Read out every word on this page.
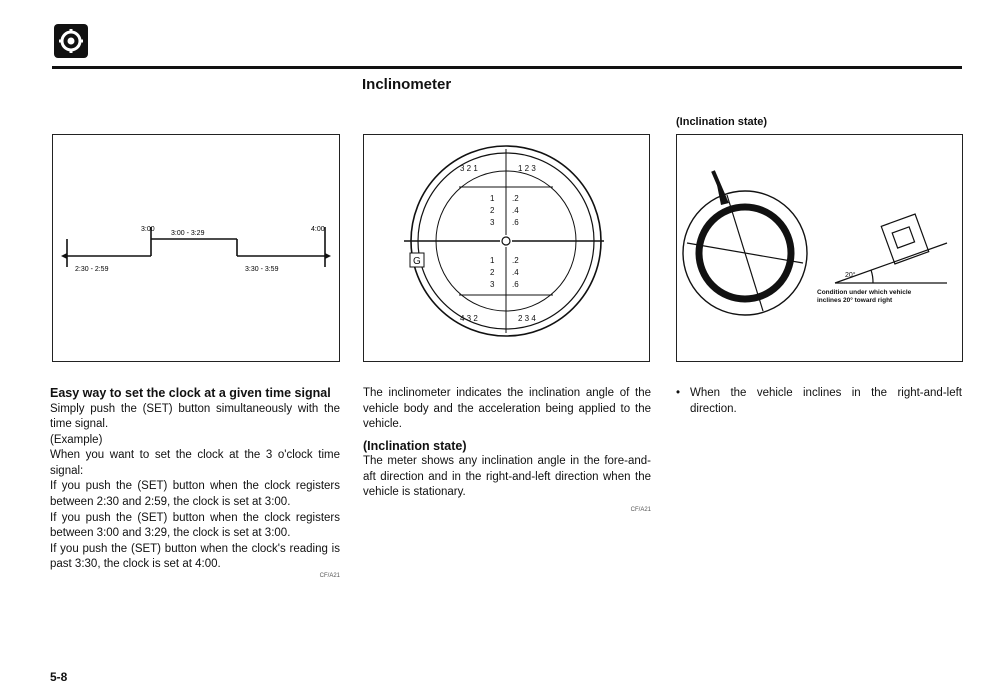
Inclinometer
3:00
3:00 - 3:29
4:00
2:30 - 2:59	3:30 - 3:59
3 2 1	1 2 3
4 3 2	2 3 4
1
2
3
.2
.4
.6
1
2
3
.2
.4
.6
G
(Inclination state)
20°
Condition under which vehicle inclines 20° toward right
Easy way to set the clock at a given time signal

Simply push the (SET) button simultaneously with the time signal.

(Example)

When you want to set the clock at the 3 o'clock time signal:

If you push the (SET) button when the clock registers between 2:30 and 2:59, the clock is set at 3:00.

If you push the (SET) button when the clock registers between 3:00 and 3:29, the clock is set at 3:00.

If you push the (SET) button when the clock's reading is past 3:30, the clock is set at 4:00.

CF/A21
The inclinometer indicates the inclination angle of the vehicle body and the acceleration being applied to the vehicle.
(Inclination state)
The meter shows any inclination angle in the fore-and-aft direction and in the right-and-left direction when the vehicle is stationary.
CF/A21
• When the vehicle inclines in the right-and-left direction.
5-8
